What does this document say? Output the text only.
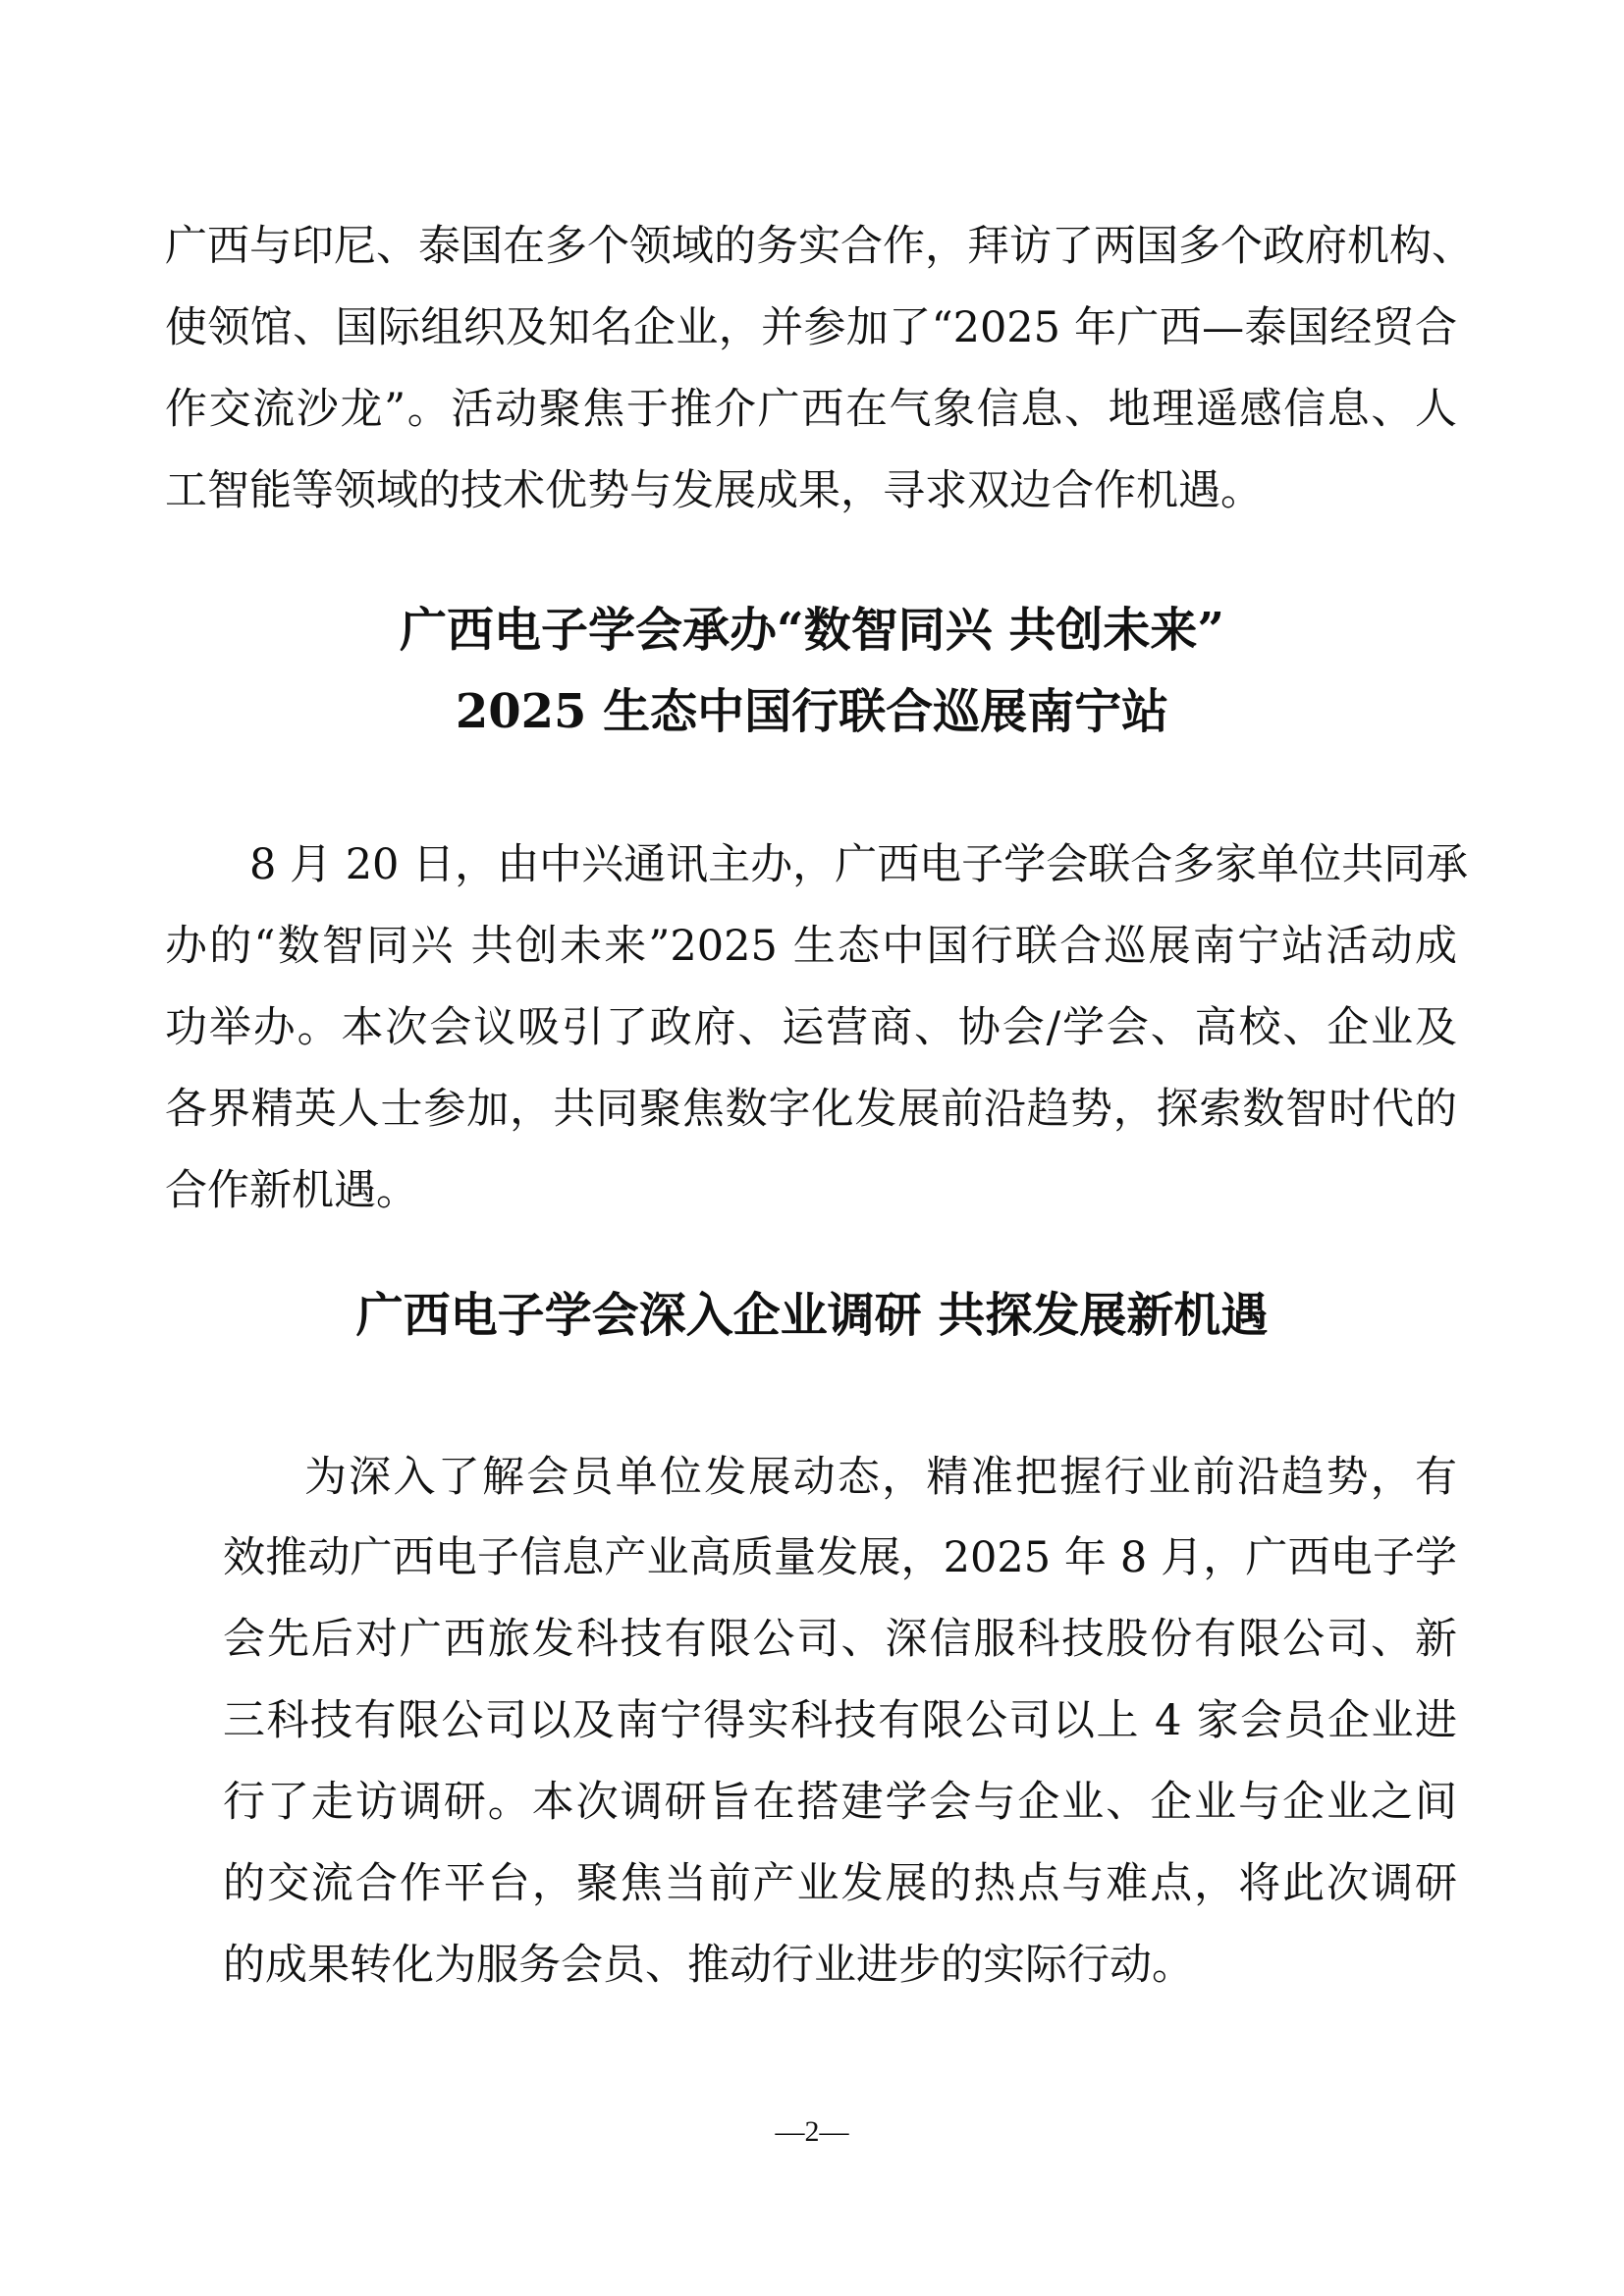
广西与印尼、泰国在多个领域的务实合作，拜访了两国多个政府机构、
使领馆、国际组织及知名企业，并参加了“2025 年广西—泰国经贸合
作交流沙龙”。活动聚焦于推介广西在气象信息、地理遥感信息、人
工智能等领域的技术优势与发展成果，寻求双边合作机遇。
广西电子学会承办“数智同兴 共创未来”
2025 生态中国行联合巡展南宁站
8 月 20 日，由中兴通讯主办，广西电子学会联合多家单位共同承
办的“数智同兴 共创未来”2025 生态中国行联合巡展南宁站活动成
功举办。本次会议吸引了政府、运营商、协会/学会、高校、企业及
各界精英人士参加，共同聚焦数字化发展前沿趋势，探索数智时代的
合作新机遇。
广西电子学会深入企业调研 共探发展新机遇
为深入了解会员单位发展动态，精准把握行业前沿趋势，有
效推动广西电子信息产业高质量发展，2025 年 8 月，广西电子学
会先后对广西旅发科技有限公司、深信服科技股份有限公司、新
三科技有限公司以及南宁得实科技有限公司以上 4 家会员企业进
行了走访调研。本次调研旨在搭建学会与企业、企业与企业之间
的交流合作平台，聚焦当前产业发展的热点与难点，将此次调研
的成果转化为服务会员、推动行业进步的实际行动。
—2—
